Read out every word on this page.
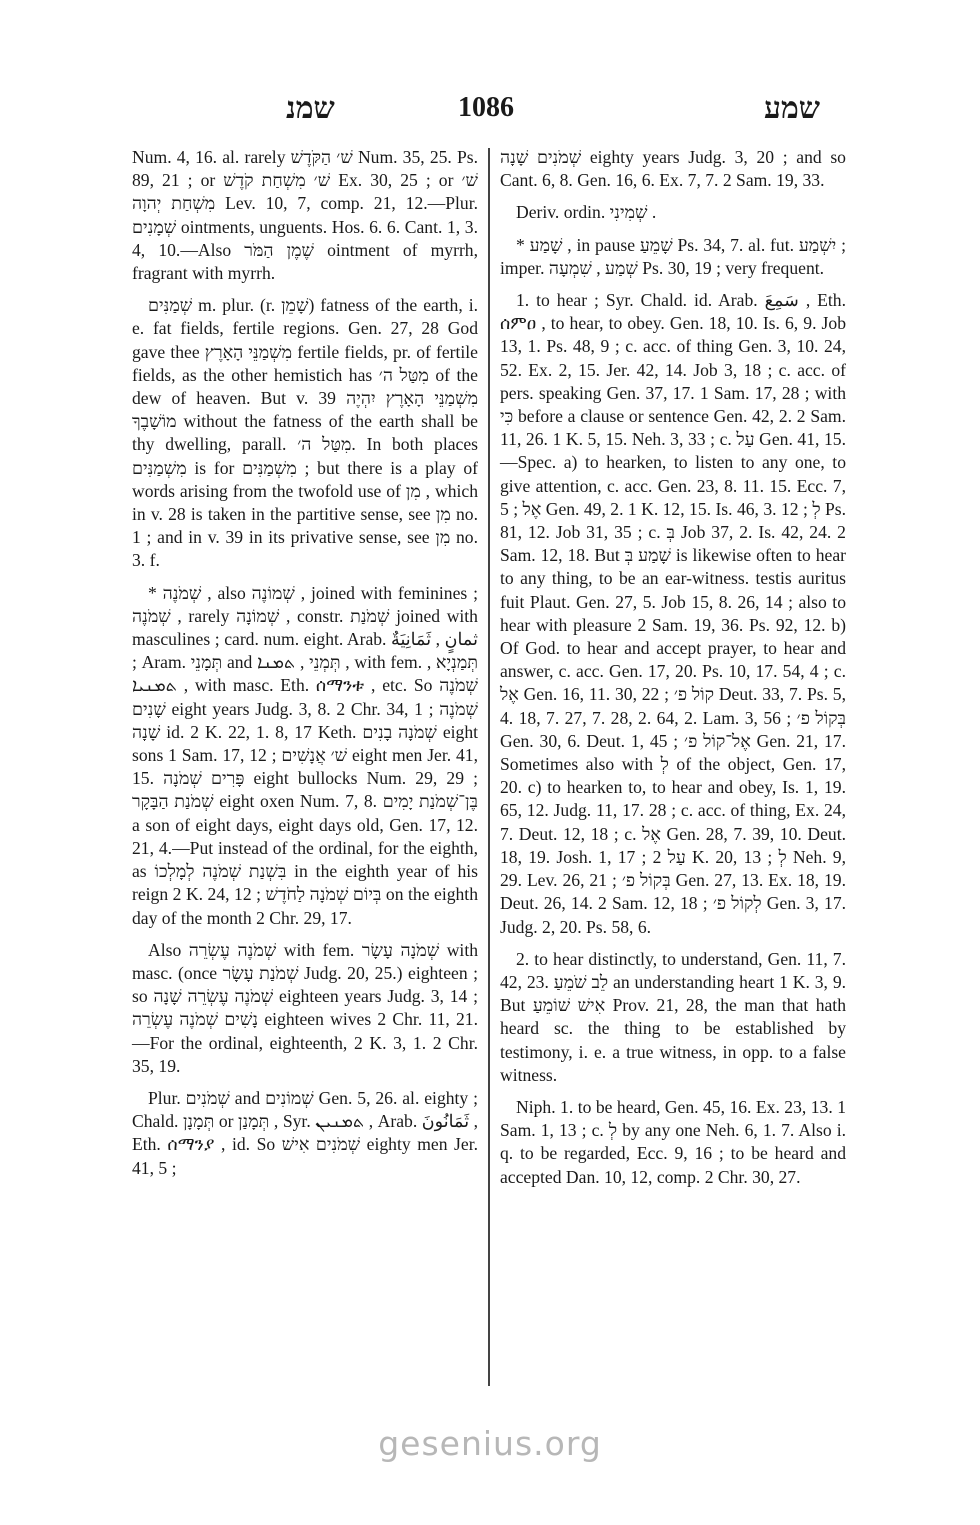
שמנ	1086	שמע

Num. 4, 16. al. rarely שׁ׳ הַקֹּדֶשׁ Num. 35, 25. Ps. 89, 21 ; or שׁ׳ מִשְׁחַת קֹדֶשׁ Ex. 30, 25 ; or שׁ׳ מִשְׁחַת יְהוָה Lev. 10, 7, comp. 21, 12.—Plur. שְׁמָנִים ointments, unguents. Hos. 6. 6. Cant. 1, 3. 4, 10.—Also שֶׁמֶן הַמֹּר ointment of myrrh, fragrant with myrrh.

שְׁמַנִּים m. plur. (r. שָׁמֵן) fatness of the earth, i. e. fat fields, fertile regions. Gen. 27, 28 God gave thee מִשְׁמַנֵּי הָאָרֶץ fertile fields, pr. of fertile fields, as the other hemistich has מִטַּל ה׳ of the dew of heaven. But v. 39 מִשְׁמַנֵּי הָאָרֶץ יִהְיֶה מוֹשָׁבֶךָ without the fatness of the earth shall be thy dwelling, parall. מִטַּל ה׳. In both places מִשְׁמַנִּים is for מִשְׁמַנִּים ; but there is a play of words arising from the twofold use of מִן , which in v. 28 is taken in the partitive sense, see מִן no. 1 ; and in v. 39 in its privative sense, see מִן no. 3. f.

* שְׁמֹנֶה , also שְׁמוֹנֶה , joined with feminines ; שְׁמֹנֶה , rarely שְׁמוֹנָה , constr. שְׁמֹנַת joined with masculines ; card. num. eight. Arab. ثمانٍ , ثَمَانِيَةٌ ; Aram. תְּמָנֵי and תְּמְנֵי , ܬܡܢܐ , with fem. תְּמַנְיָא , ܬܡܢܝܐ , with masc. Eth. ሰማንቱ , etc. So שְׁמֹנֶה שָׁנִים eight years Judg. 3, 8. 2 Chr. 34, 1 ; שְׁמֹנֶה שָׁנָה id. 2 K. 22, 1. 8, 17 Keth. שְׁמֹנָה בָנִים eight sons 1 Sam. 17, 12 ; שׁ׳ אֲנָשִׁים eight men Jer. 41, 15. פָּרִים שְׁמֹנָה eight bullocks Num. 29, 29 ; שְׁמֹנַת הַבָּקָר eight oxen Num. 7, 8. בֶּן־שְׁמֹנַת יָמִים a son of eight days, eight days old, Gen. 17, 12. 21, 4.—Put instead of the ordinal, for the eighth, as בִּשְׁנַת שְׁמֹנֶה לְמָלְכוֹ in the eighth year of his reign 2 K. 24, 12 ; בְּיוֹם שְׁמֹנָה לַחֹדֶשׁ on the eighth day of the month 2 Chr. 29, 17.

Also שְׁמֹנֶה עֶשְׂרֵה with fem. שְׁמֹנָה עָשָׂר with masc. (once שְׁמֹנַת עָשָׂר Judg. 20, 25.) eighteen ; so שְׁמֹנֶה עֶשְׂרֵה שָׁנָה eighteen years Judg. 3, 14 ; נָשִׁים שְׁמֹנֶה עֶשְׂרֵה eighteen wives 2 Chr. 11, 21.—For the ordinal, eighteenth, 2 K. 3, 1. 2 Chr. 35, 19.

Plur. שְׁמֹנִים and שְׁמוֹנִים Gen. 5, 26. al. eighty ; Chald. תְּמָנָן or תְּמָנַן , Syr. ܬܡܢܝܢ , Arab. ثَمَانُونَ , Eth. ሰማንያ , id. So שְׁמֹנִים אִישׁ eighty men Jer. 41, 5 ;

שְׁמֹנִים שָׁנָה eighty years Judg. 3, 20 ; and so Cant. 6, 8. Gen. 16, 6. Ex. 7, 7. 2 Sam. 19, 33.

Deriv. ordin. שְׁמִינִי .

* שָׁמַע , in pause שָׁמֵעַ Ps. 34, 7. al. fut. יִשְׁמַע ; imper. שְׁמַע , שִׁמְעָה Ps. 30, 19 ; very frequent.

1. to hear ; Syr. Chald. id. Arab. سَمِعَ , Eth. ሰምዐ , to hear, to obey. Gen. 18, 10. Is. 6, 9. Job 13, 1. Ps. 48, 9 ; c. acc. of thing Gen. 3, 10. 24, 52. Ex. 2, 15. Jer. 42, 14. Job 3, 18 ; c. acc. of pers. speaking Gen. 37, 17. 1 Sam. 17, 28 ; with כִּי before a clause or sentence Gen. 42, 2. 2 Sam. 11, 26. 1 K. 5, 15. Neh. 3, 33 ; c. עַל Gen. 41, 15.—Spec. a) to hearken, to listen to any one, to give attention, c. acc. Gen. 23, 8. 11. 15. Ecc. 7, 5 ; אֶל Gen. 49, 2. 1 K. 12, 15. Is. 46, 3. 12 ; לְ Ps. 81, 12. Job 31, 35 ; c. בְּ Job 37, 2. Is. 42, 24. 2 Sam. 12, 18. But שָׁמַע בְּ is likewise often to hear to any thing, to be an ear-witness. testis auritus fuit Plaut. Gen. 27, 5. Job 15, 8. 26, 14 ; also to hear with pleasure 2 Sam. 19, 36. Ps. 92, 12. b) Of God. to hear and accept prayer, to hear and answer, c. acc. Gen. 17, 20. Ps. 10, 17. 54, 4 ; c. אֶל Gen. 16, 11. 30, 22 ; קוֹל פ׳ Deut. 33, 7. Ps. 5, 4. 18, 7. 27, 7. 28, 2. 64, 2. Lam. 3, 56 ; בְּקוֹל פ׳ Gen. 30, 6. Deut. 1, 45 ; אֶל־קוֹל פ׳ Gen. 21, 17. Sometimes also with לְ of the object, Gen. 17, 20. c) to hearken to, to hear and obey, Is. 1, 19. 65, 12. Judg. 11, 17. 28 ; c. acc. of thing, Ex. 24, 7. Deut. 12, 18 ; c. אֶל Gen. 28, 7. 39, 10. Deut. 18, 19. Josh. 1, 17 ; עַל 2 K. 20, 13 ; לְ Neh. 9, 29. Lev. 26, 21 ; בְּקוֹל פ׳ Gen. 27, 13. Ex. 18, 19. Deut. 26, 14. 2 Sam. 12, 18 ; לְקוֹל פ׳ Gen. 3, 17. Judg. 2, 20. Ps. 58, 6.

2. to hear distinctly, to understand, Gen. 11, 7. 42, 23. לֵב שֹׁמֵעַ an understanding heart 1 K. 3, 9. But אִישׁ שׁוֹמֵעַ Prov. 21, 28, the man that hath heard sc. the thing to be established by testimony, i. e. a true witness, in opp. to a false witness.

Niph. 1. to be heard, Gen. 45, 16. Ex. 23, 13. 1 Sam. 1, 13 ; c. לְ by any one Neh. 6, 1. 7. Also i. q. to be regarded, Ecc. 9, 16 ; to be heard and accepted Dan. 10, 12, comp. 2 Chr. 30, 27.

gesenius.org
